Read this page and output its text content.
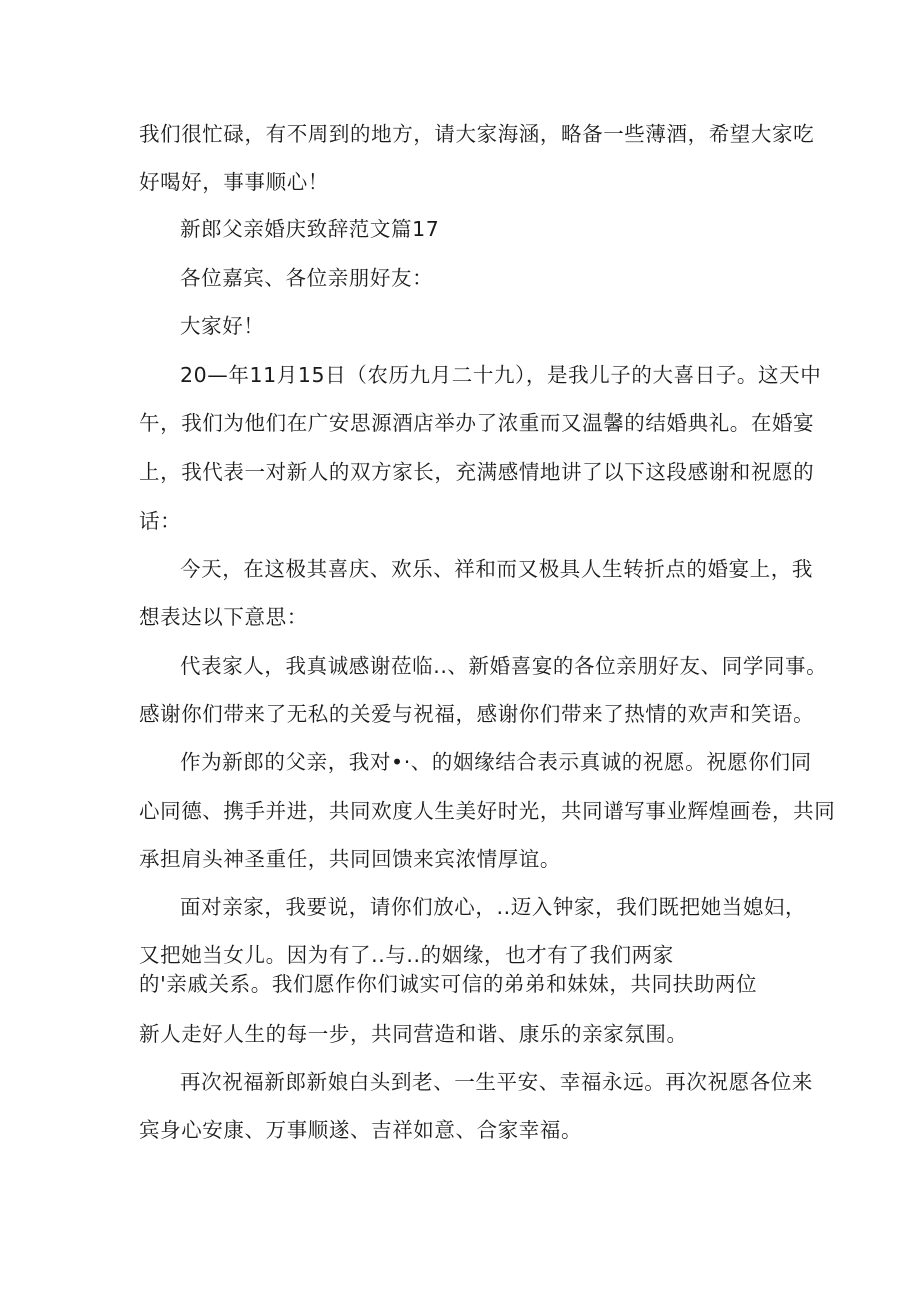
我们很忙碌，有不周到的地方，请大家海涵，略备一些薄酒，希望大家吃
好喝好，事事顺心！
新郎父亲婚庆致辞范文篇17
各位嘉宾、各位亲朋好友：
大家好！
20—年11月15日（农历九月二十九），是我儿子的大喜日子。这天中
午，我们为他们在广安思源酒店举办了浓重而又温馨的结婚典礼。在婚宴
上，我代表一对新人的双方家长，充满感情地讲了以下这段感谢和祝愿的
话：
今天，在这极其喜庆、欢乐、祥和而又极具人生转折点的婚宴上，我
想表达以下意思：
代表家人，我真诚感谢莅临..、新婚喜宴的各位亲朋好友、同学同事。
感谢你们带来了无私的关爱与祝福，感谢你们带来了热情的欢声和笑语。
作为新郎的父亲，我对•·、的姻缘结合表示真诚的祝愿。祝愿你们同
心同德、携手并进，共同欢度人生美好时光，共同谱写事业辉煌画卷，共同
承担肩头神圣重任，共同回馈来宾浓情厚谊。
面对亲家，我要说，请你们放心，..迈入钟家，我们既把她当媳妇，
又把她当女儿。因为有了..与..的姻缘，也才有了我们两家
的'亲戚关系。我们愿作你们诚实可信的弟弟和妹妹，共同扶助两位
新人走好人生的每一步，共同营造和谐、康乐的亲家氛围。
再次祝福新郎新娘白头到老、一生平安、幸福永远。再次祝愿各位来
宾身心安康、万事顺遂、吉祥如意、合家幸福。
